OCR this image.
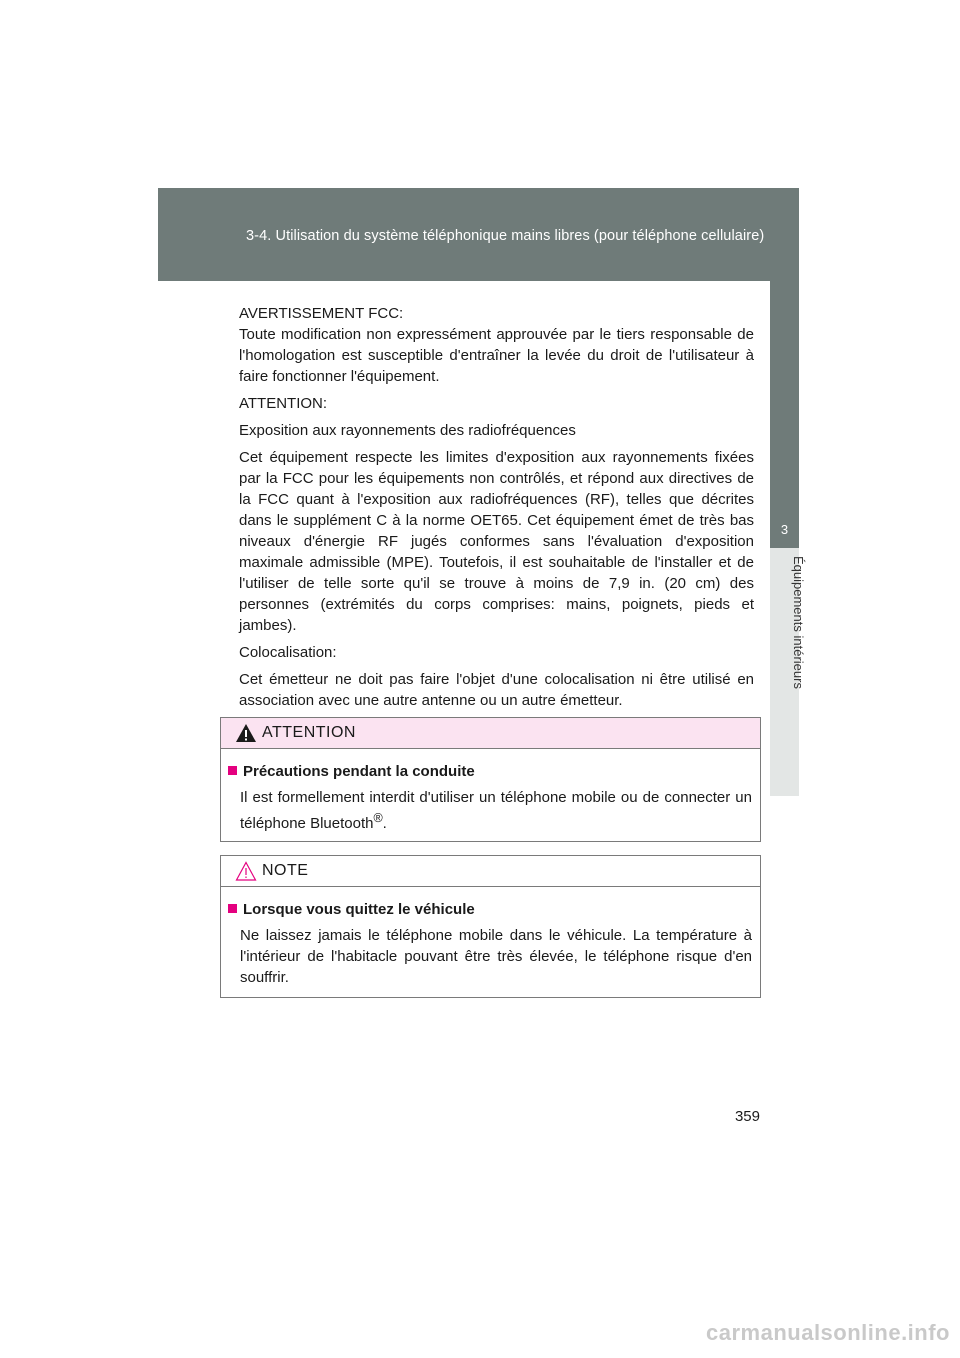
3-4. Utilisation du système téléphonique mains libres (pour téléphone cellulaire)
3
Équipements intérieurs

AVERTISSEMENT FCC:
Toute modification non expressément approuvée par le tiers responsable de l'homologation est susceptible d'entraîner la levée du droit de l'utilisateur à faire fonctionner l'équipement.

ATTENTION:

Exposition aux rayonnements des radiofréquences

Cet équipement respecte les limites d'exposition aux rayonnements fixées par la FCC pour les équipements non contrôlés, et répond aux directives de la FCC quant à l'exposition aux radiofréquences (RF), telles que décrites dans le supplément C à la norme OET65. Cet équipement émet de très bas niveaux d'énergie RF jugés conformes sans l'évaluation d'exposition maximale admissible (MPE). Toutefois, il est souhaitable de l'installer et de l'utiliser de telle sorte qu'il se trouve à moins de 7,9 in. (20 cm) des personnes (extrémités du corps comprises: mains, poignets, pieds et jambes).

Colocalisation:

Cet émetteur ne doit pas faire l'objet d'une colocalisation ni être utilisé en association avec une autre antenne ou un autre émetteur.

ATTENTION
Précautions pendant la conduite
Il est formellement interdit d'utiliser un téléphone mobile ou de connecter un téléphone Bluetooth®.
NOTE
Lorsque vous quittez le véhicule
Ne laissez jamais le téléphone mobile dans le véhicule. La température à l'intérieur de l'habitacle pouvant être très élevée, le téléphone risque d'en souffrir.
359
carmanualsonline.info
